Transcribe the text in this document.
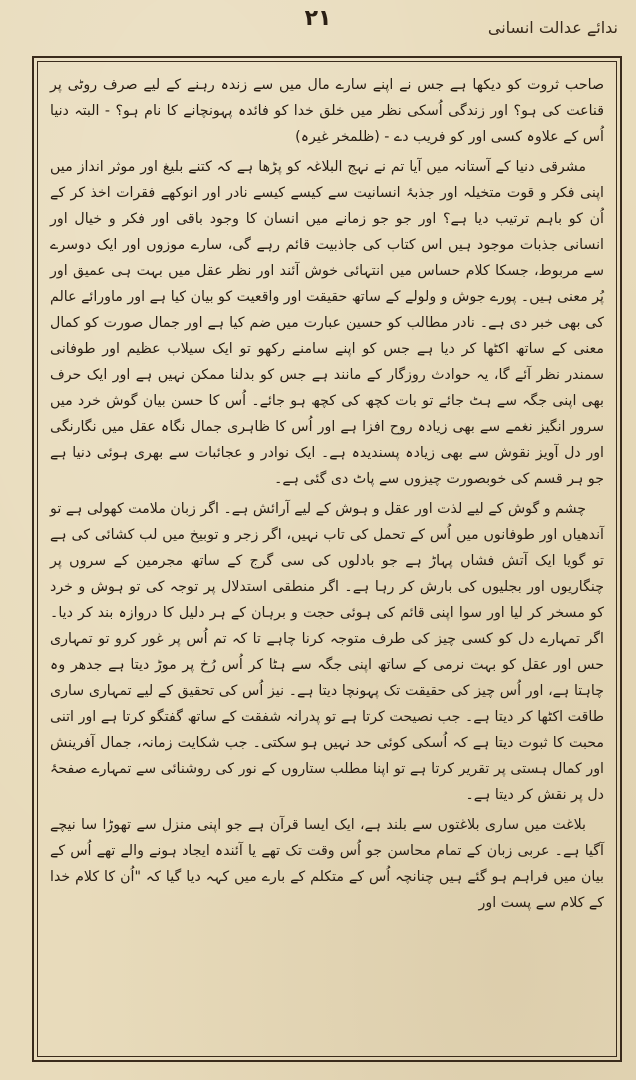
ندائے عدالت انسانی
۲۱

صاحب ثروت کو دیکھا ہے جس نے اپنے سارے مال میں سے زندہ رہنے کے لیے صرف روٹی پر قناعت کی ہو؟ اور زندگی اُسکی نظر میں خلق خدا کو فائدہ پہونچانے کا نام ہو؟ - البتہ دنیا اُس کے علاوہ کسی اور کو فریب دے - (ظلمخر غیرہ)

مشرقی دنیا کے آستانہ میں آیا تم نے نہج البلاغہ کو پڑھا ہے کہ کتنے بلیغ اور موثر انداز میں اپنی فکر و قوت متخیلہ اور جذبۂ انسانیت سے کیسے کیسے نادر اور انوکھے فقرات اخذ کر کے اُن کو باہم ترتیب دیا ہے؟ اور جو جو زمانے میں انسان کا وجود باقی اور فکر و خیال اور انسانی جذبات موجود ہیں اس کتاب کی جاذبیت قائم رہے گی، سارے موزوں اور ایک دوسرے سے مربوط، جسکا کلام حساس میں انتہائی خوش آئند اور نظر عقل میں بہت ہی عمیق اور پُر معنی ہیں۔ پورے جوش و ولولے کے ساتھ حقیقت اور واقعیت کو بیان کیا ہے اور ماورائے عالم کی بھی خبر دی ہے۔ نادر مطالب کو حسین عبارت میں ضم کیا ہے اور جمال صورت کو کمال معنی کے ساتھ اکٹھا کر دیا ہے جس کو اپنے سامنے رکھو تو ایک سیلاب عظیم اور طوفانی سمندر نظر آئے گا، یہ حوادث روزگار کے مانند ہے جس کو بدلنا ممکن نہیں ہے اور ایک حرف بھی اپنی جگہ سے ہٹ جائے تو بات کچھ کی کچھ ہو جائے۔ اُس کا حسن بیان گوش خرد میں سرور انگیز نغمے سے بھی زیادہ روح افزا ہے اور اُس کا ظاہری جمال نگاہ عقل میں نگارنگی اور دل آویز نقوش سے بھی زیادہ پسندیدہ ہے۔ ایک نوادر و عجائبات سے بھری ہوئی دنیا ہے جو ہر قسم کی خوبصورت چیزوں سے پاٹ دی گئی ہے۔

چشم و گوش کے لیے لذت اور عقل و ہوش کے لیے آرائش ہے۔ اگر زبان ملامت کھولی ہے تو آندھیاں اور طوفانوں میں اُس کے تحمل کی تاب نہیں، اگر زجر و توبیخ میں لب کشائی کی ہے تو گویا ایک آتش فشاں پہاڑ ہے جو بادلوں کی سی گرج کے ساتھ مجرمین کے سروں پر چنگاریوں اور بجلیوں کی بارش کر رہا ہے۔ اگر منطقی استدلال پر توجہ کی تو ہوش و خرد کو مسخر کر لیا اور سوا اپنی قائم کی ہوئی حجت و برہان کے ہر دلیل کا دروازہ بند کر دیا۔ اگر تمہارے دل کو کسی چیز کی طرف متوجہ کرنا چاہے تا کہ تم اُس پر غور کرو تو تمہاری حس اور عقل کو بہت نرمی کے ساتھ اپنی جگہ سے ہٹا کر اُس رُخ پر موڑ دیتا ہے جدھر وہ چاہتا ہے، اور اُس چیز کی حقیقت تک پہونچا دیتا ہے۔ نیز اُس کی تحقیق کے لیے تمہاری ساری طاقت اکٹھا کر دیتا ہے۔ جب نصیحت کرتا ہے تو پدرانہ شفقت کے ساتھ گفتگو کرتا ہے اور اتنی محبت کا ثبوت دیتا ہے کہ اُسکی کوئی حد نہیں ہو سکتی۔ جب شکایت زمانہ، جمال آفرینش اور کمال ہستی پر تقریر کرتا ہے تو اپنا مطلب ستاروں کے نور کی روشنائی سے تمہارے صفحۂ دل پر نقش کر دیتا ہے۔

بلاغت میں ساری بلاغتوں سے بلند ہے، ایک ایسا قرآن ہے جو اپنی منزل سے تھوڑا سا نیچے آگیا ہے۔ عربی زبان کے تمام محاسن جو اُس وقت تک تھے یا آئندہ ایجاد ہونے والے تھے اُس کے بیان میں فراہم ہو گئے ہیں چنانچہ اُس کے متکلم کے بارے میں کہہ دیا گیا کہ "اُن کا کلام خدا کے کلام سے پست اور
